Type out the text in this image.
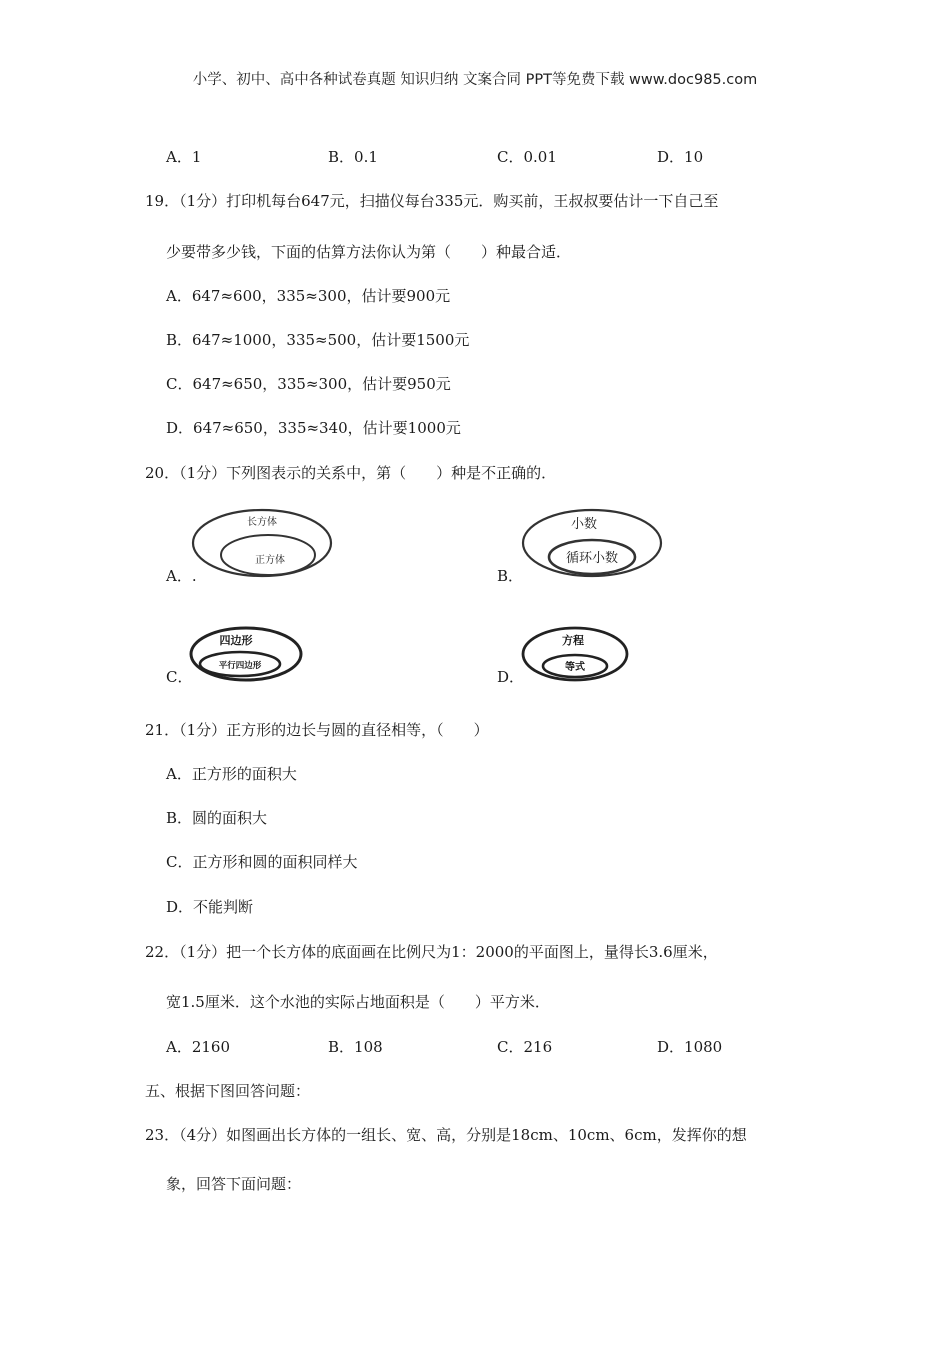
小学、初中、高中各种试卷真题 知识归纳 文案合同 PPT等免费下载 www.doc985.com
A．1	B．0.1	C．0.01	D．10
19．（1分）打印机每台647元，扫描仪每台335元．购买前，王叔叔要估计一下自己至
少要带多少钱，下面的估算方法你认为第（　　）种最合适．
A．647≈600，335≈300，估计要900元
B．647≈1000，335≈500，估计要1500元
C．647≈650，335≈300，估计要950元
D．647≈650，335≈340，估计要1000元
20．（1分）下列图表示的关系中，第（　　）种是不正确的．
长方体
正方体
A．.
小数
循环小数
B．
四边形
平行四边形
C．
方程
等式
D．
21．（1分）正方形的边长与圆的直径相等，（　　）
A．正方形的面积大
B．圆的面积大
C．正方形和圆的面积同样大
D．不能判断
22．（1分）把一个长方体的底面画在比例尺为1：2000的平面图上，量得长3.6厘米，
宽1.5厘米．这个水池的实际占地面积是（　　）平方米．
A．2160	B．108	C．216	D．1080
五、根据下图回答问题：
23．（4分）如图画出长方体的一组长、宽、高，分别是18cm、10cm、6cm，发挥你的想
象，回答下面问题：
